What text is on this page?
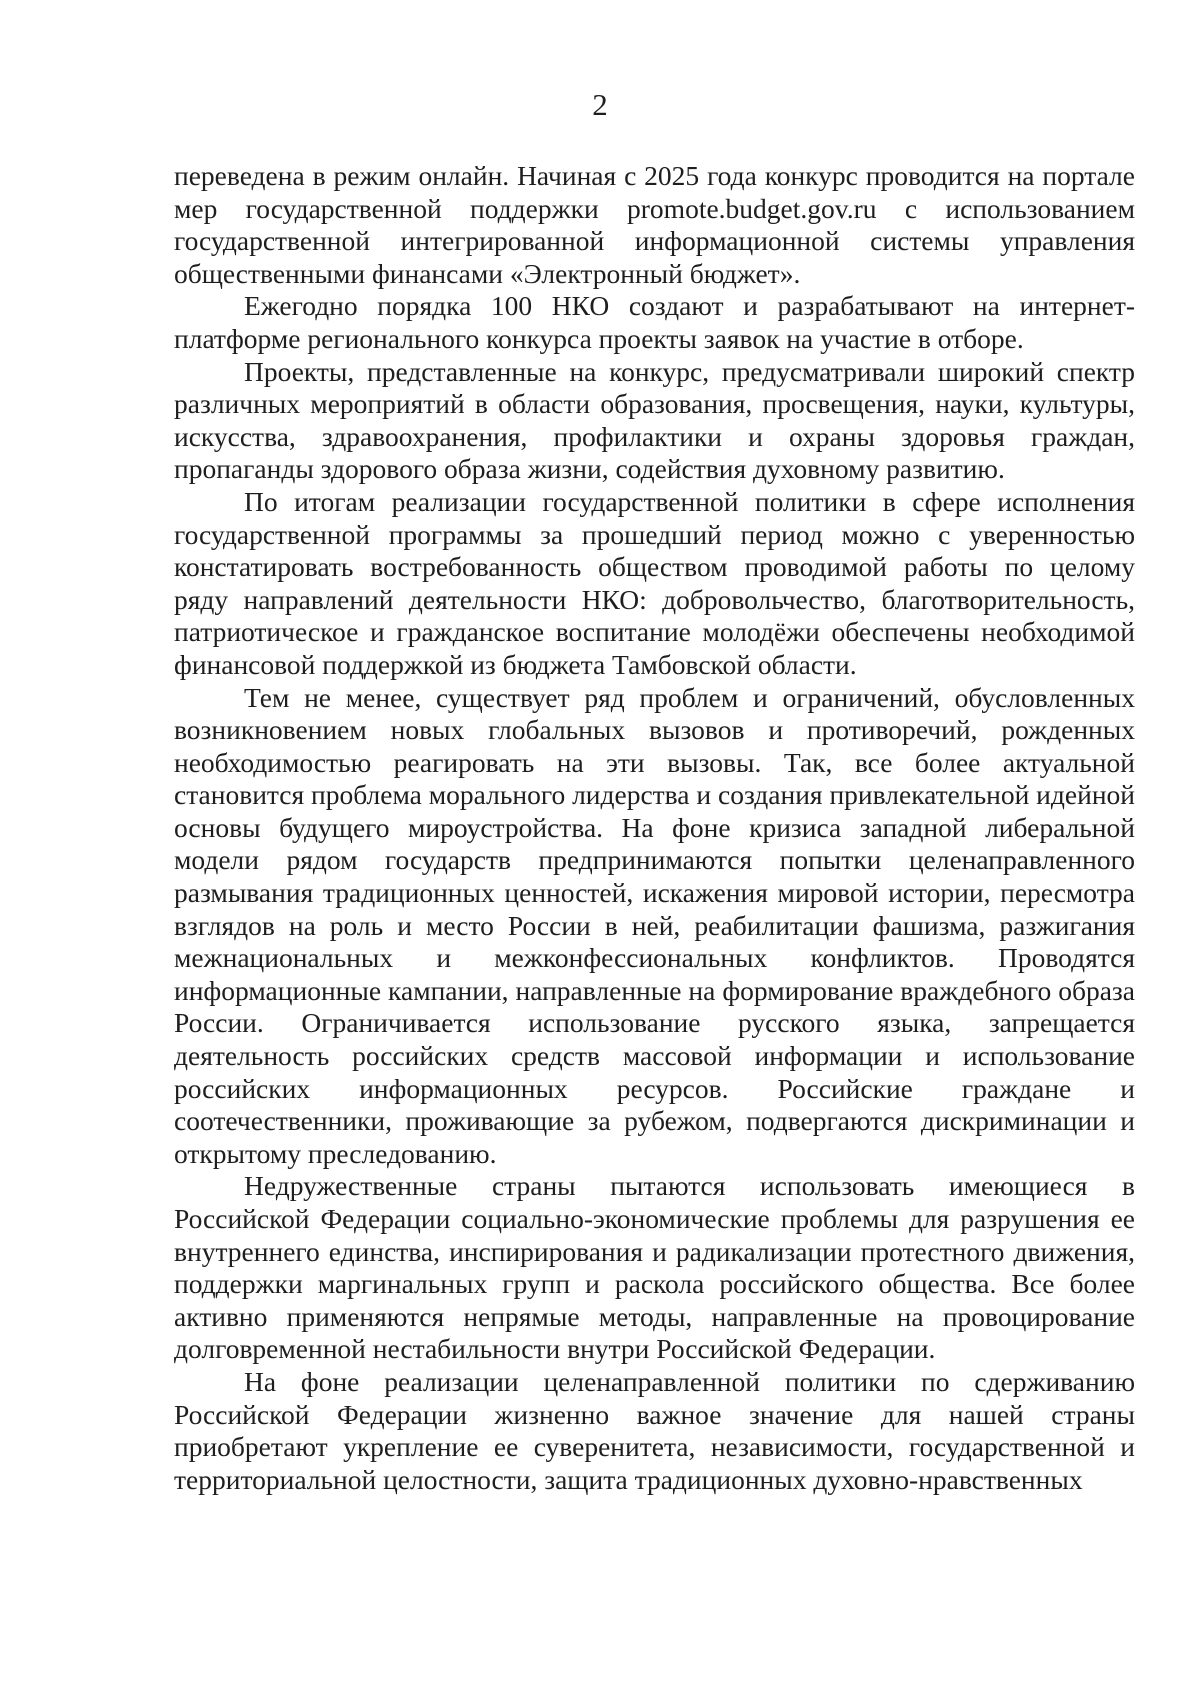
2

переведена в режим онлайн. Начиная с 2025 года конкурс проводится на портале мер государственной поддержки promote.budget.gov.ru с использованием государственной интегрированной информационной системы управления общественными финансами «Электронный бюджет».

Ежегодно порядка 100 НКО создают и разрабатывают на интернет-платформе регионального конкурса проекты заявок на участие в отборе.

Проекты, представленные на конкурс, предусматривали широкий спектр различных мероприятий в области образования, просвещения, науки, культуры, искусства, здравоохранения, профилактики и охраны здоровья граждан, пропаганды здорового образа жизни, содействия духовному развитию.

По итогам реализации государственной политики в сфере исполнения государственной программы за прошедший период можно с уверенностью констатировать востребованность обществом проводимой работы по целому ряду направлений деятельности НКО: добровольчество, благотворительность, патриотическое и гражданское воспитание молодёжи обеспечены необходимой финансовой поддержкой из бюджета Тамбовской области.

Тем не менее, существует ряд проблем и ограничений, обусловленных возникновением новых глобальных вызовов и противоречий, рожденных необходимостью реагировать на эти вызовы. Так, все более актуальной становится проблема морального лидерства и создания привлекательной идейной основы будущего мироустройства. На фоне кризиса западной либеральной модели рядом государств предпринимаются попытки целенаправленного размывания традиционных ценностей, искажения мировой истории, пересмотра взглядов на роль и место России в ней, реабилитации фашизма, разжигания межнациональных и межконфессиональных конфликтов. Проводятся информационные кампании, направленные на формирование враждебного образа России. Ограничивается использование русского языка, запрещается деятельность российских средств массовой информации и использование российских информационных ресурсов. Российские граждане и соотечественники, проживающие за рубежом, подвергаются дискриминации и открытому преследованию.

Недружественные страны пытаются использовать имеющиеся в Российской Федерации социально-экономические проблемы для разрушения ее внутреннего единства, инспирирования и радикализации протестного движения, поддержки маргинальных групп и раскола российского общества. Все более активно применяются непрямые методы, направленные на провоцирование долговременной нестабильности внутри Российской Федерации.

На фоне реализации целенаправленной политики по сдерживанию Российской Федерации жизненно важное значение для нашей страны приобретают укрепление ее суверенитета, независимости, государственной и территориальной целостности, защита традиционных духовно-нравственных
